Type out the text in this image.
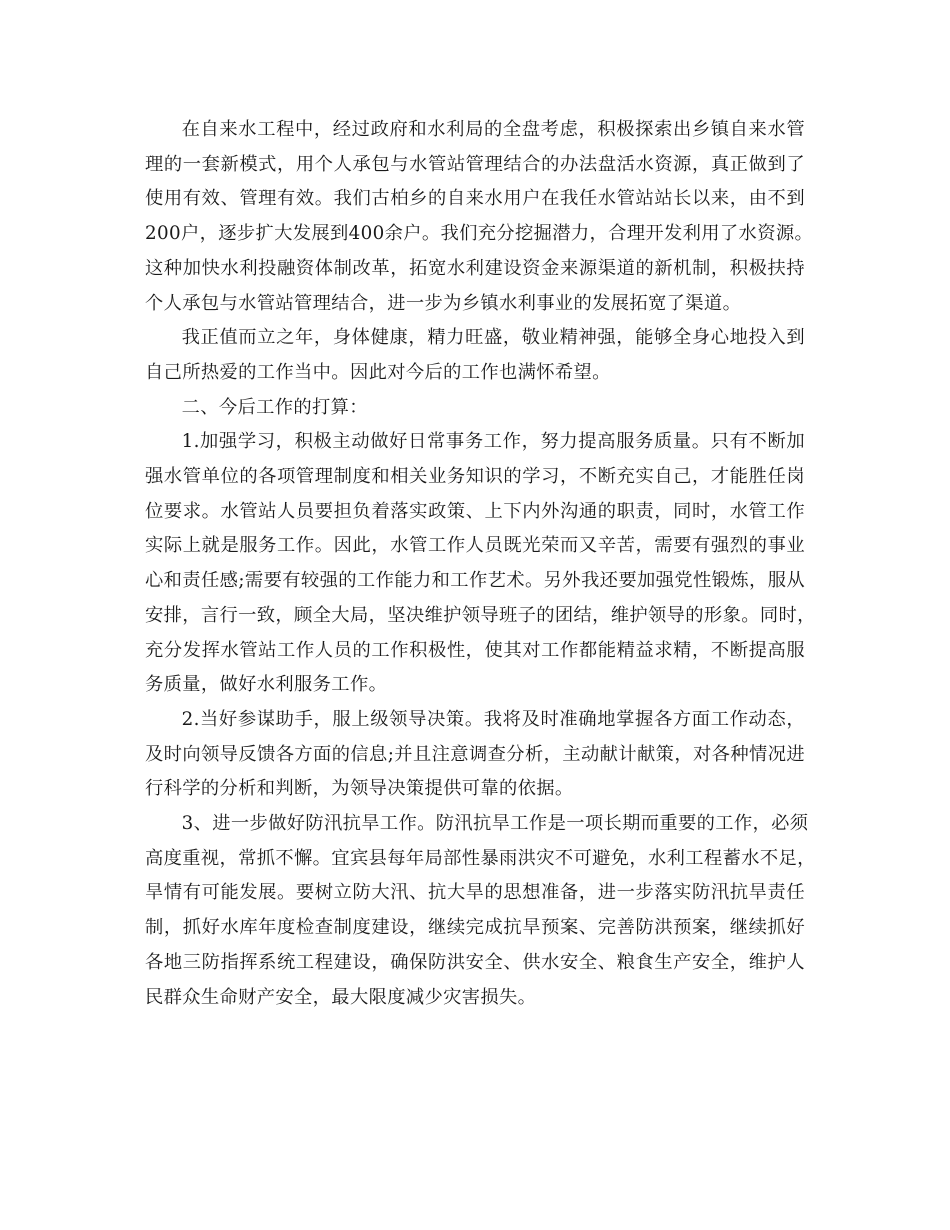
在自来水工程中，经过政府和水利局的全盘考虑，积极探索出乡镇自来水管
理的一套新模式，用个人承包与水管站管理结合的办法盘活水资源，真正做到了
使用有效、管理有效。我们古柏乡的自来水用户在我任水管站站长以来，由不到
200户，逐步扩大发展到400余户。我们充分挖掘潜力，合理开发利用了水资源。
这种加快水利投融资体制改革，拓宽水利建设资金来源渠道的新机制，积极扶持
个人承包与水管站管理结合，进一步为乡镇水利事业的发展拓宽了渠道。

我正值而立之年，身体健康，精力旺盛，敬业精神强，能够全身心地投入到
自己所热爱的工作当中。因此对今后的工作也满怀希望。

二、今后工作的打算：

1.加强学习，积极主动做好日常事务工作，努力提高服务质量。只有不断加
强水管单位的各项管理制度和相关业务知识的学习，不断充实自己，才能胜任岗
位要求。水管站人员要担负着落实政策、上下内外沟通的职责，同时，水管工作
实际上就是服务工作。因此，水管工作人员既光荣而又辛苦，需要有强烈的事业
心和责任感;需要有较强的工作能力和工作艺术。另外我还要加强党性锻炼，服从
安排，言行一致，顾全大局，坚决维护领导班子的团结，维护领导的形象。同时，
充分发挥水管站工作人员的工作积极性，使其对工作都能精益求精，不断提高服
务质量，做好水利服务工作。

2.当好参谋助手，服上级领导决策。我将及时准确地掌握各方面工作动态，
及时向领导反馈各方面的信息;并且注意调查分析，主动献计献策，对各种情况进
行科学的分析和判断，为领导决策提供可靠的依据。

3、进一步做好防汛抗旱工作。防汛抗旱工作是一项长期而重要的工作，必须
高度重视，常抓不懈。宜宾县每年局部性暴雨洪灾不可避免，水利工程蓄水不足，
旱情有可能发展。要树立防大汛、抗大旱的思想准备，进一步落实防汛抗旱责任
制，抓好水库年度检查制度建设，继续完成抗旱预案、完善防洪预案，继续抓好
各地三防指挥系统工程建设，确保防洪安全、供水安全、粮食生产安全，维护人
民群众生命财产安全，最大限度减少灾害损失。
